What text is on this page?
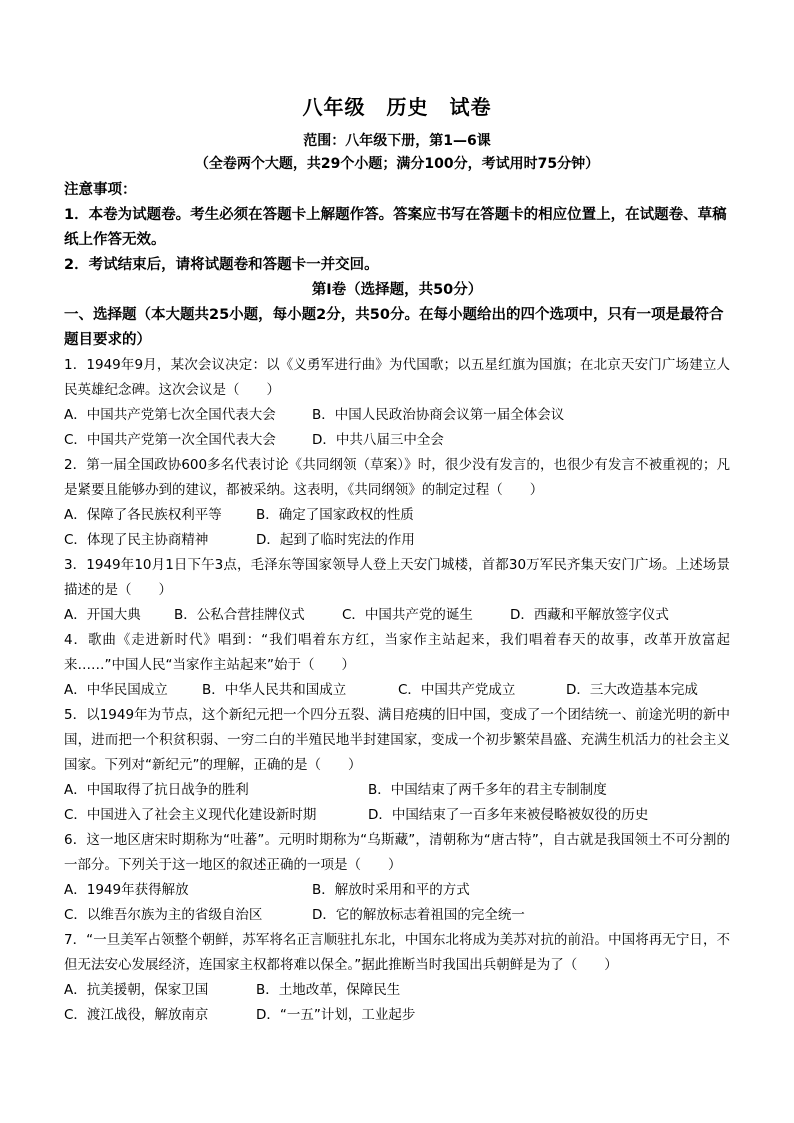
八年级　历史　试卷
范围：八年级下册，第1—6课
（全卷两个大题，共29个小题；满分100分，考试用时75分钟）
注意事项：

1．本卷为试题卷。考生必须在答题卡上解题作答。答案应书写在答题卡的相应位置上，在试题卷、草稿纸上作答无效。

2．考试结束后，请将试题卷和答题卡一并交回。

第Ⅰ卷（选择题，共50分）

一、选择题（本大题共25小题，每小题2分，共50分。在每小题给出的四个选项中，只有一项是最符合题目要求的）

1．1949年9月，某次会议决定：以《义勇军进行曲》为代国歌；以五星红旗为国旗；在北京天安门广场建立人民英雄纪念碑。这次会议是（　　）

A．中国共产党第七次全国代表大会	B．中国人民政治协商会议第一届全体会议
C．中国共产党第一次全国代表大会	D．中共八届三中全会

2．第一届全国政协600多名代表讨论《共同纲领（草案）》时，很少没有发言的，也很少有发言不被重视的；凡是紧要且能够办到的建议，都被采纳。这表明，《共同纲领》的制定过程（　　）

A．保障了各民族权利平等	B．确定了国家政权的性质
C．体现了民主协商精神	D．起到了临时宪法的作用

3．1949年10月1日下午3点，毛泽东等国家领导人登上天安门城楼，首都30万军民齐集天安门广场。上述场景描述的是（　　）

A．开国大典 B．公私合营挂牌仪式	C．中国共产党的诞生	D．西藏和平解放签字仪式

4．歌曲《走进新时代》唱到：“我们唱着东方红，当家作主站起来，我们唱着春天的故事，改革开放富起来……”中国人民“当家作主站起来”始于（　　）

A．中华民国成立	B．中华人民共和国成立	C．中国共产党成立	D．三大改造基本完成

5．以1949年为节点，这个新纪元把一个四分五裂、满目疮痍的旧中国，变成了一个团结统一、前途光明的新中国，进而把一个积贫积弱、一穷二白的半殖民地半封建国家，变成一个初步繁荣昌盛、充满生机活力的社会主义国家。下列对“新纪元”的理解，正确的是（　　）

A．中国取得了抗日战争的胜利	B．中国结束了两千多年的君主专制制度
C．中国进入了社会主义现代化建设新时期	D．中国结束了一百多年来被侵略被奴役的历史

6．这一地区唐宋时期称为“吐蕃”。元明时期称为“乌斯藏”，清朝称为“唐古特”，自古就是我国领土不可分割的一部分。下列关于这一地区的叙述正确的一项是（　　）

A．1949年获得解放	B．解放时采用和平的方式
C．以维吾尔族为主的省级自治区	D．它的解放标志着祖国的完全统一

7．“一旦美军占领整个朝鲜，苏军将名正言顺驻扎东北，中国东北将成为美苏对抗的前沿。中国将再无宁日，不但无法安心发展经济，连国家主权都将难以保全。”据此推断当时我国出兵朝鲜是为了（　　）

A．抗美援朝，保家卫国	B．土地改革，保障民生
C．渡江战役，解放南京	D．“一五”计划，工业起步
